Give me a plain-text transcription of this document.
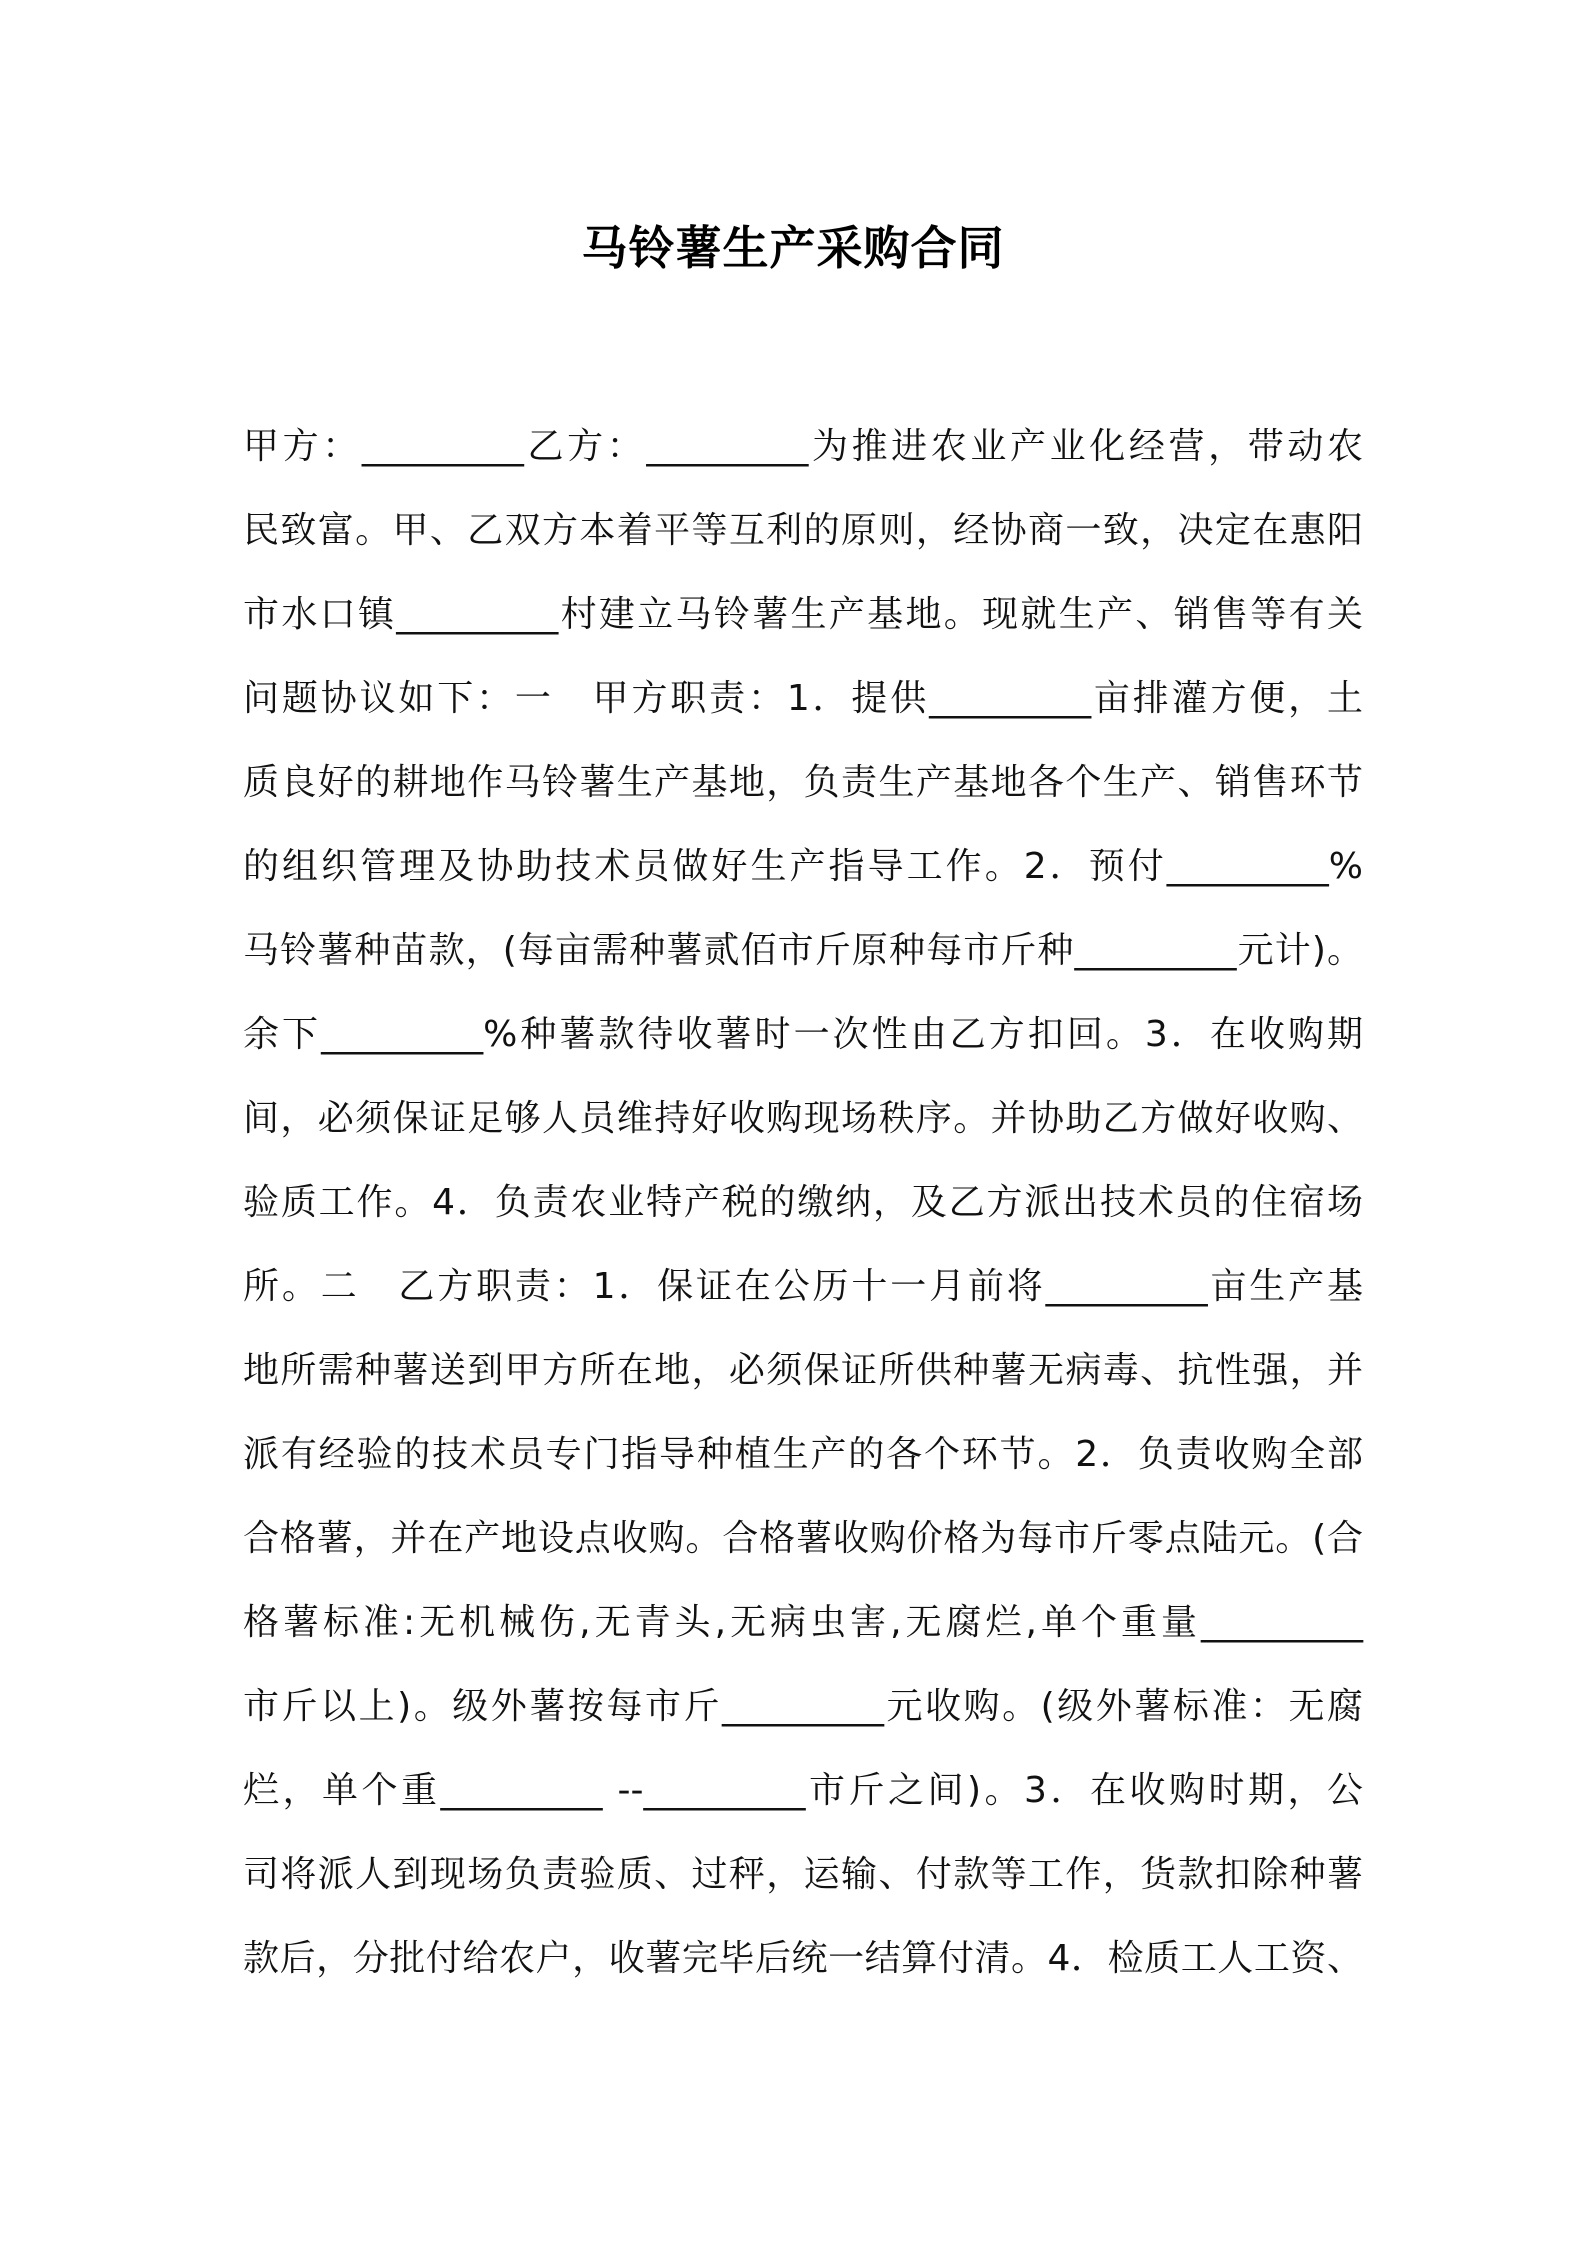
马铃薯生产采购合同
甲方：_________乙方：_________为推进农业产业化经营，带动农
民致富。甲、乙双方本着平等互利的原则，经协商一致，决定在惠阳
市水口镇_________村建立马铃薯生产基地。现就生产、销售等有关
问题协议如下：一　甲方职责：1．提供_________亩排灌方便，土
质良好的耕地作马铃薯生产基地，负责生产基地各个生产、销售环节
的组织管理及协助技术员做好生产指导工作。2．预付_________%
马铃薯种苗款，(每亩需种薯贰佰市斤原种每市斤种_________元计)。
余下_________%种薯款待收薯时一次性由乙方扣回。3．在收购期
间，必须保证足够人员维持好收购现场秩序。并协助乙方做好收购、
验质工作。4．负责农业特产税的缴纳，及乙方派出技术员的住宿场
所。二　乙方职责：1．保证在公历十一月前将_________亩生产基
地所需种薯送到甲方所在地，必须保证所供种薯无病毒、抗性强，并
派有经验的技术员专门指导种植生产的各个环节。2．负责收购全部
合格薯，并在产地设点收购。合格薯收购价格为每市斤零点陆元。(合
格薯标准:无机械伤,无青头,无病虫害,无腐烂,单个重量_________
市斤以上)。级外薯按每市斤_________元收购。(级外薯标准：无腐
烂，单个重_________ --_________市斤之间)。3．在收购时期，公
司将派人到现场负责验质、过秤，运输、付款等工作，货款扣除种薯
款后，分批付给农户，收薯完毕后统一结算付清。4．检质工人工资、
